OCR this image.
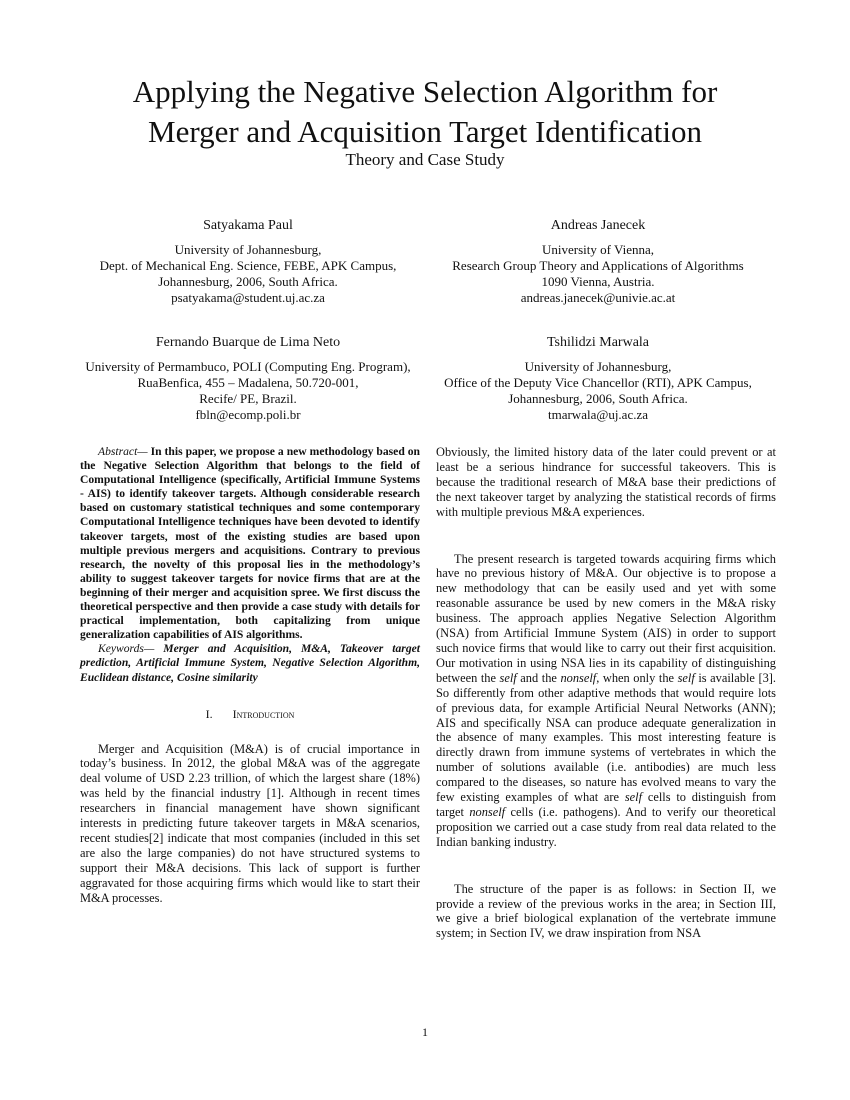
Applying the Negative Selection Algorithm for
Merger and Acquisition Target Identification
Theory and Case Study
Satyakama Paul
University of Johannesburg,
Dept. of Mechanical Eng. Science, FEBE, APK Campus,
Johannesburg, 2006, South Africa.
psatyakama@student.uj.ac.za
Andreas Janecek
University of Vienna,
Research Group Theory and Applications of Algorithms
1090 Vienna, Austria.
andreas.janecek@univie.ac.at
Fernando Buarque de Lima Neto
University of Permambuco, POLI (Computing Eng. Program),
RuaBenfica, 455 – Madalena, 50.720-001,
Recife/ PE, Brazil.
fbln@ecomp.poli.br
Tshilidzi Marwala
University of Johannesburg,
Office of the Deputy Vice Chancellor (RTI), APK Campus,
Johannesburg, 2006, South Africa.
tmarwala@uj.ac.za

Abstract— In this paper, we propose a new methodology based on the Negative Selection Algorithm that belongs to the field of Computational Intelligence (specifically, Artificial Immune Systems - AIS) to identify takeover targets. Although considerable research based on customary statistical techniques and some contemporary Computational Intelligence techniques have been devoted to identify takeover targets, most of the existing studies are based upon multiple previous mergers and acquisitions. Contrary to previous research, the novelty of this proposal lies in the methodology’s ability to suggest takeover targets for novice firms that are at the beginning of their merger and acquisition spree. We first discuss the theoretical perspective and then provide a case study with details for practical implementation, both capitalizing from unique generalization capabilities of AIS algorithms.

Keywords— Merger and Acquisition, M&A, Takeover target prediction, Artificial Immune System, Negative Selection Algorithm, Euclidean distance, Cosine similarity

I. Introduction

Merger and Acquisition (M&A) is of crucial importance in today’s business. In 2012, the global M&A was of the aggregate deal volume of USD 2.23 trillion, of which the largest share (18%) was held by the financial industry [1]. Although in recent times researchers in financial management have shown significant interests in predicting future takeover targets in M&A scenarios, recent studies[2] indicate that most companies (included in this set are also the large companies) do not have structured systems to support their M&A decisions. This lack of support is further aggravated for those acquiring firms which would like to start their M&A processes.

Obviously, the limited history data of the later could prevent or at least be a serious hindrance for successful takeovers. This is because the traditional research of M&A base their predictions of the next takeover target by analyzing the statistical records of firms with multiple previous M&A experiences.

The present research is targeted towards acquiring firms which have no previous history of M&A. Our objective is to propose a new methodology that can be easily used and yet with some reasonable assurance be used by new comers in the M&A risky business. The approach applies Negative Selection Algorithm (NSA) from Artificial Immune System (AIS) in order to support such novice firms that would like to carry out their first acquisition. Our motivation in using NSA lies in its capability of distinguishing between the self and the nonself, when only the self is available [3]. So differently from other adaptive methods that would require lots of previous data, for example Artificial Neural Networks (ANN); AIS and specifically NSA can produce adequate generalization in the absence of many examples. This most interesting feature is directly drawn from immune systems of vertebrates in which the number of solutions available (i.e. antibodies) are much less compared to the diseases, so nature has evolved means to vary the few existing examples of what are self cells to distinguish from target nonself cells (i.e. pathogens). And to verify our theoretical proposition we carried out a case study from real data related to the Indian banking industry.

The structure of the paper is as follows: in Section II, we provide a review of the previous works in the area; in Section III, we give a brief biological explanation of the vertebrate immune system; in Section IV, we draw inspiration from NSA

1
